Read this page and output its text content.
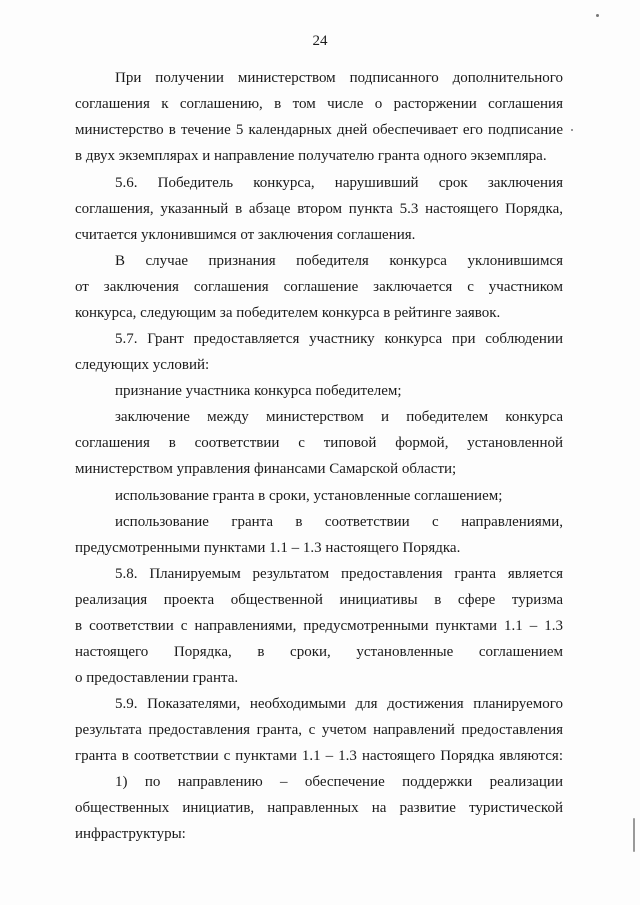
24
При получении министерством подписанного дополнительного
соглашения к соглашению, в том числе о расторжении соглашения
министерство в течение 5 календарных дней обеспечивает его подписание
в двух экземплярах и направление получателю гранта одного экземпляра.
5.6. Победитель конкурса, нарушивший срок заключения
соглашения, указанный в абзаце втором пункта 5.3 настоящего Порядка,
считается уклонившимся от заключения соглашения.
В случае признания победителя конкурса уклонившимся
от заключения соглашения соглашение заключается с участником
конкурса, следующим за победителем конкурса в рейтинге заявок.
5.7. Грант предоставляется участнику конкурса при соблюдении
следующих условий:
признание участника конкурса победителем;
заключение между министерством и победителем конкурса
соглашения в соответствии с типовой формой, установленной
министерством управления финансами Самарской области;
использование гранта в сроки, установленные соглашением;
использование гранта в соответствии с направлениями,
предусмотренными пунктами 1.1 – 1.3 настоящего Порядка.
5.8. Планируемым результатом предоставления гранта является
реализация проекта общественной инициативы в сфере туризма
в соответствии с направлениями, предусмотренными пунктами 1.1 – 1.3
настоящего Порядка, в сроки, установленные соглашением
о предоставлении гранта.
5.9. Показателями, необходимыми для достижения планируемого
результата предоставления гранта, с учетом направлений предоставления
гранта в соответствии с пунктами 1.1 – 1.3 настоящего Порядка являются:
1) по направлению – обеспечение поддержки реализации
общественных инициатив, направленных на развитие туристической
инфраструктуры:
